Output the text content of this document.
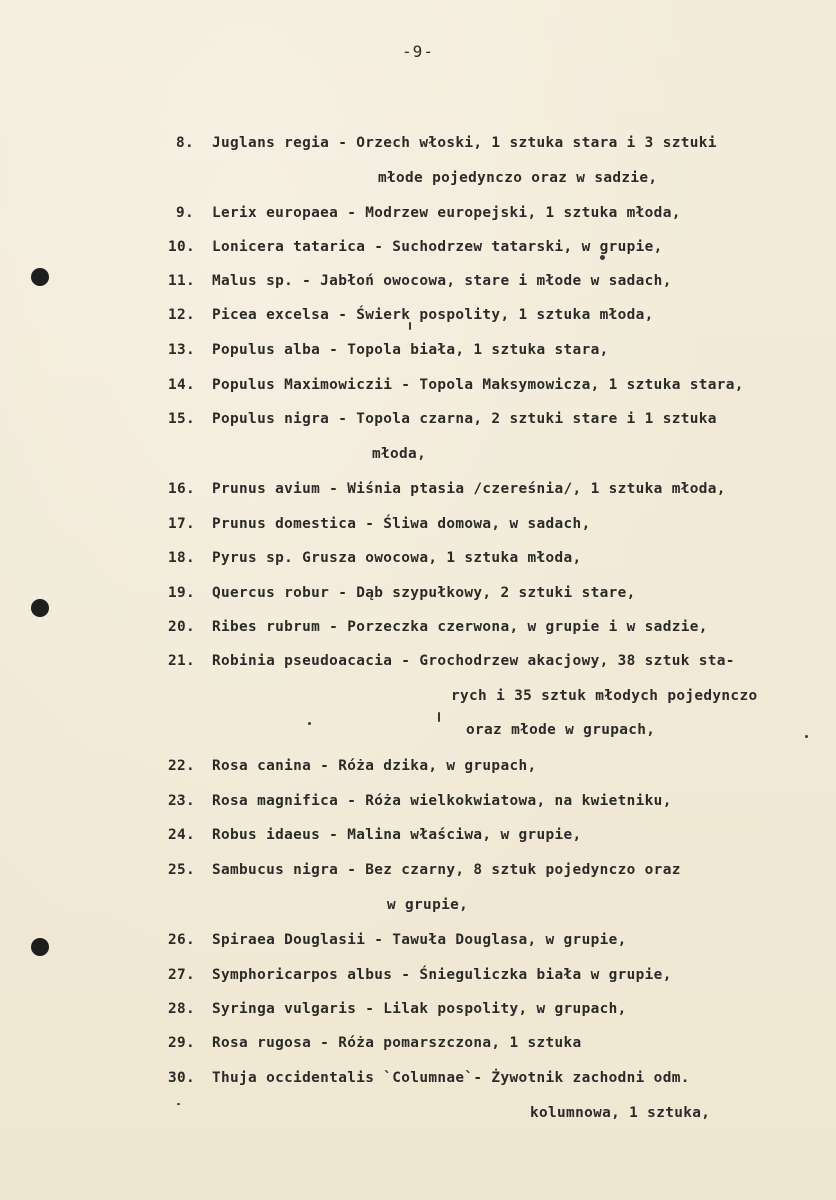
-9-
8. Juglans regia - Orzech włoski, 1 sztuka stara i 3 sztuki
młode pojedynczo oraz w sadzie,
9. Lerix europaea - Modrzew europejski, 1 sztuka młoda,
10. Lonicera tatarica - Suchodrzew tatarski, w grupie,
11. Malus sp. - Jabłoń owocowa, stare i młode w sadach,
12. Picea excelsa - Świerk pospolity, 1 sztuka młoda,
13. Populus alba - Topola biała, 1 sztuka stara,
14. Populus Maximowiczii - Topola Maksymowicza, 1 sztuka stara,
15. Populus nigra - Topola czarna, 2 sztuki stare i 1 sztuka
młoda,
16. Prunus avium - Wiśnia ptasia /czereśnia/, 1 sztuka młoda,
17. Prunus domestica - Śliwa domowa, w sadach,
18. Pyrus sp. Grusza owocowa, 1 sztuka młoda,
19. Quercus robur - Dąb szypułkowy, 2 sztuki stare,
20. Ribes rubrum - Porzeczka czerwona, w grupie i w sadzie,
21. Robinia pseudoacacia - Grochodrzew akacjowy, 38 sztuk sta-
rych i 35 sztuk młodych pojedynczo
oraz młode w grupach,
22. Rosa canina - Róża dzika, w grupach,
23. Rosa magnifica - Róża wielkokwiatowa, na kwietniku,
24. Robus idaeus - Malina właściwa, w grupie,
25. Sambucus nigra - Bez czarny, 8 sztuk pojedynczo oraz
w grupie,
26. Spiraea Douglasii - Tawuła Douglasa, w grupie,
27. Symphoricarpos albus - Śnieguliczka biała w grupie,
28. Syringa vulgaris - Lilak pospolity, w grupach,
29. Rosa rugosa - Róża pomarszczona, 1 sztuka
30. Thuja occidentalis `Columnae`- Żywotnik zachodni odm.
kolumnowa, 1 sztuka,
